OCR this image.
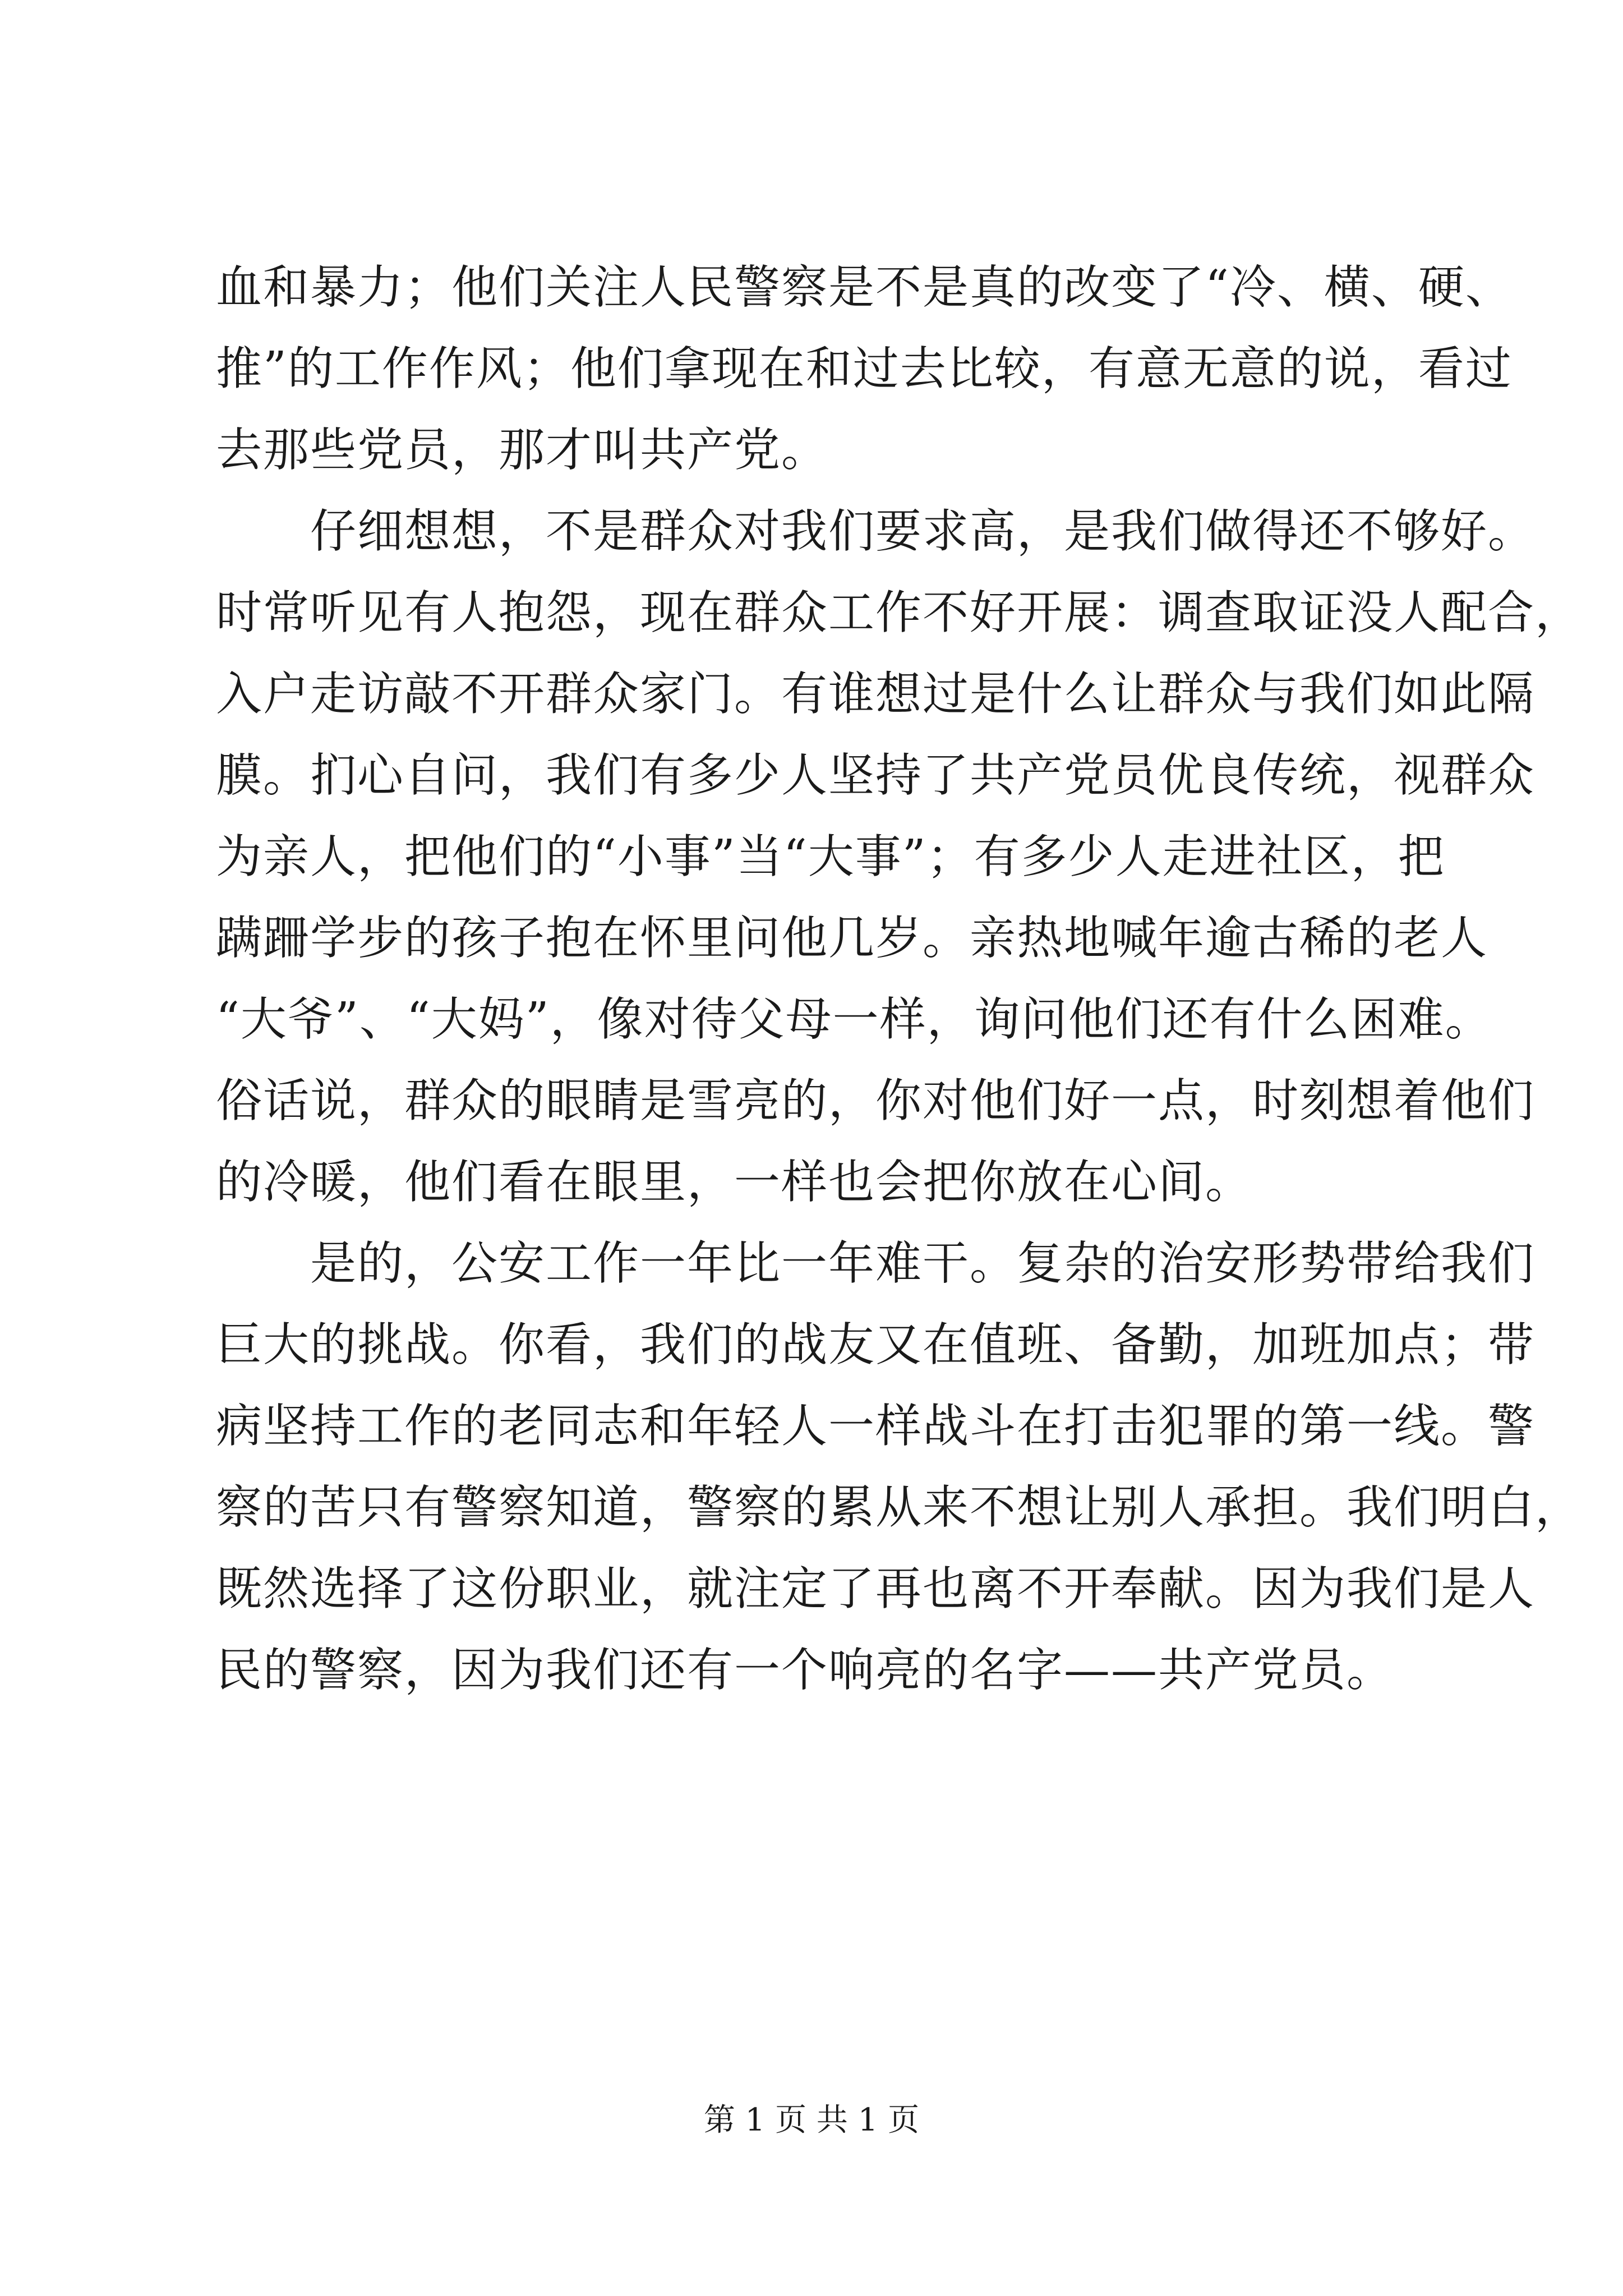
血和暴力；他们关注人民警察是不是真的改变了“冷、横、硬、
推”的工作作风；他们拿现在和过去比较，有意无意的说，看过
去那些党员，那才叫共产党。
　　仔细想想，不是群众对我们要求高，是我们做得还不够好。
时常听见有人抱怨，现在群众工作不好开展：调查取证没人配合，
入户走访敲不开群众家门。有谁想过是什么让群众与我们如此隔
膜。扪心自问，我们有多少人坚持了共产党员优良传统，视群众
为亲人，把他们的“小事”当“大事”；有多少人走进社区，把
蹒跚学步的孩子抱在怀里问他几岁。亲热地喊年逾古稀的老人
“大爷”、“大妈”，像对待父母一样，询问他们还有什么困难。
俗话说，群众的眼睛是雪亮的，你对他们好一点，时刻想着他们
的冷暖，他们看在眼里，一样也会把你放在心间。
　　是的，公安工作一年比一年难干。复杂的治安形势带给我们
巨大的挑战。你看，我们的战友又在值班、备勤，加班加点；带
病坚持工作的老同志和年轻人一样战斗在打击犯罪的第一线。警
察的苦只有警察知道，警察的累从来不想让别人承担。我们明白，
既然选择了这份职业，就注定了再也离不开奉献。因为我们是人
民的警察，因为我们还有一个响亮的名字——共产党员。
第 1 页 共 1 页
